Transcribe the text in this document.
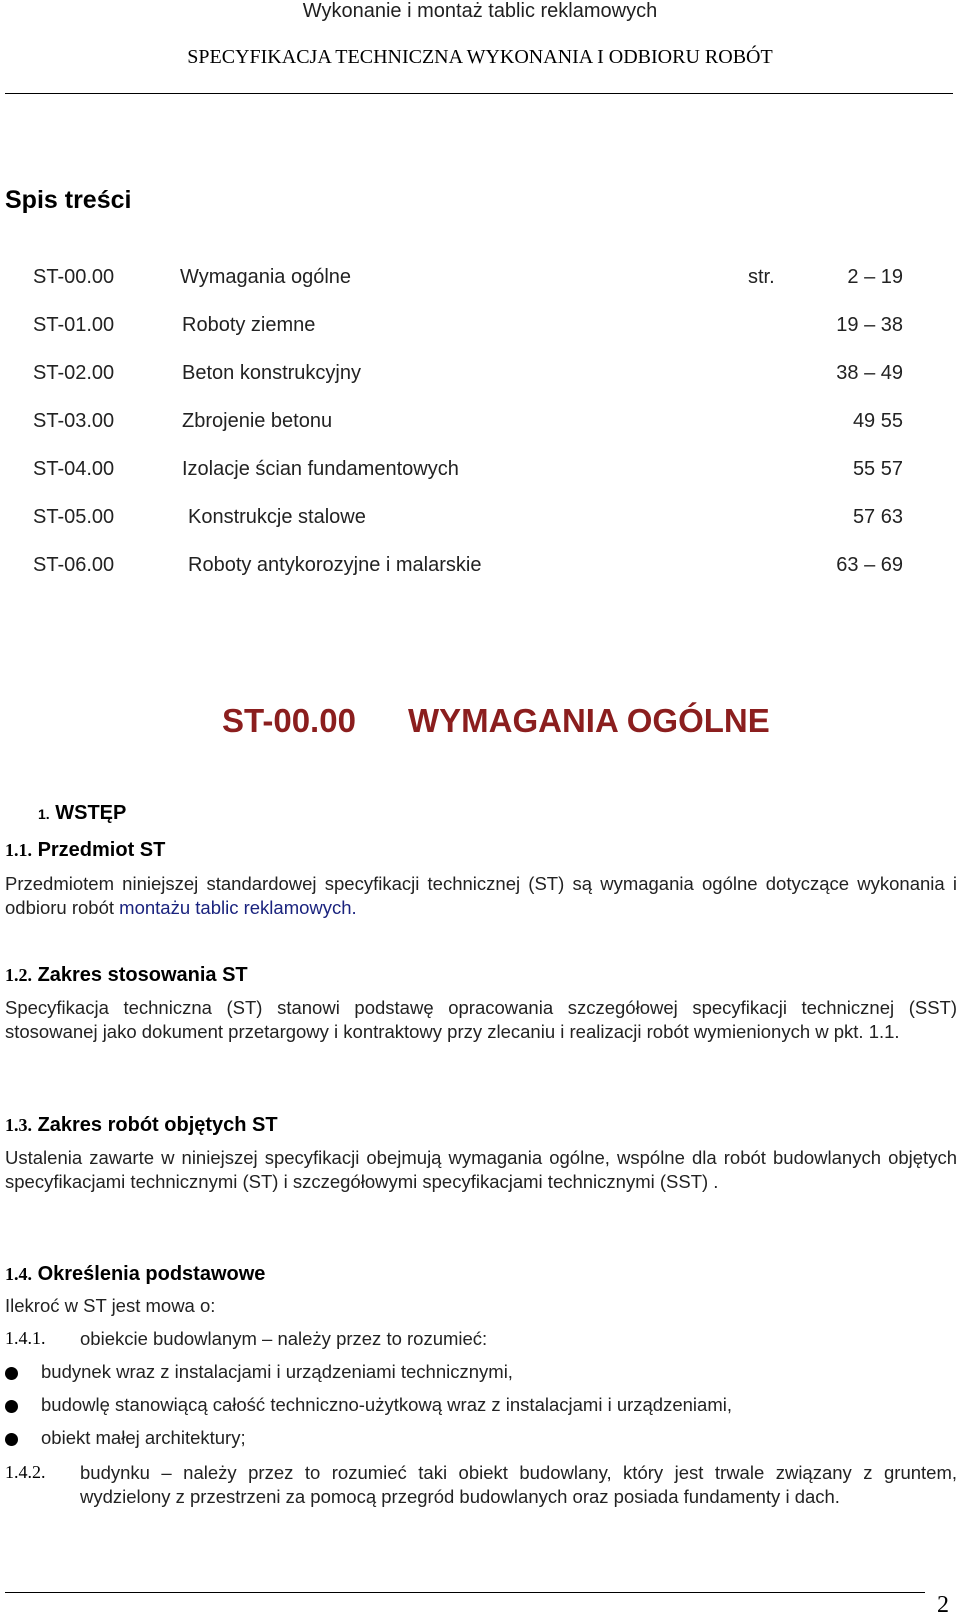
Wykonanie i montaż tablic reklamowych
SPECYFIKACJA TECHNICZNA WYKONANIA I ODBIORU ROBÓT
Spis treści
ST-00.00	Wymagania ogólne	str.	2 – 19
ST-01.00	Roboty ziemne	19 – 38
ST-02.00	Beton konstrukcyjny	38 – 49
ST-03.00	Zbrojenie betonu	49 55
ST-04.00	Izolacje ścian fundamentowych	55 57
ST-05.00	Konstrukcje stalowe	57 63
ST-06.00	Roboty antykorozyjne i malarskie	63 – 69
ST-00.00 WYMAGANIA OGÓLNE
1. WSTĘP
1.1. Przedmiot ST
Przedmiotem niniejszej standardowej specyfikacji technicznej (ST) są wymagania ogólne dotyczące wykonania i odbioru robót montażu tablic reklamowych.
1.2. Zakres stosowania ST
Specyfikacja techniczna (ST) stanowi podstawę opracowania szczegółowej specyfikacji technicznej (SST) stosowanej jako dokument przetargowy i kontraktowy przy zlecaniu i realizacji robót wymienionych w pkt. 1.1.
1.3. Zakres robót objętych ST
Ustalenia zawarte w niniejszej specyfikacji obejmują wymagania ogólne, wspólne dla robót budowlanych objętych specyfikacjami technicznymi (ST) i szczegółowymi specyfikacjami technicznymi (SST) .
1.4. Określenia podstawowe
Ilekroć w ST jest mowa o:
1.4.1. obiekcie budowlanym – należy przez to rozumieć:
budynek wraz z instalacjami i urządzeniami technicznymi,
budowlę stanowiącą całość techniczno-użytkową wraz z instalacjami i urządzeniami,
obiekt małej architektury;
1.4.2. budynku – należy przez to rozumieć taki obiekt budowlany, który jest trwale związany z gruntem, wydzielony z przestrzeni za pomocą przegród budowlanych oraz posiada fundamenty i dach.
2
